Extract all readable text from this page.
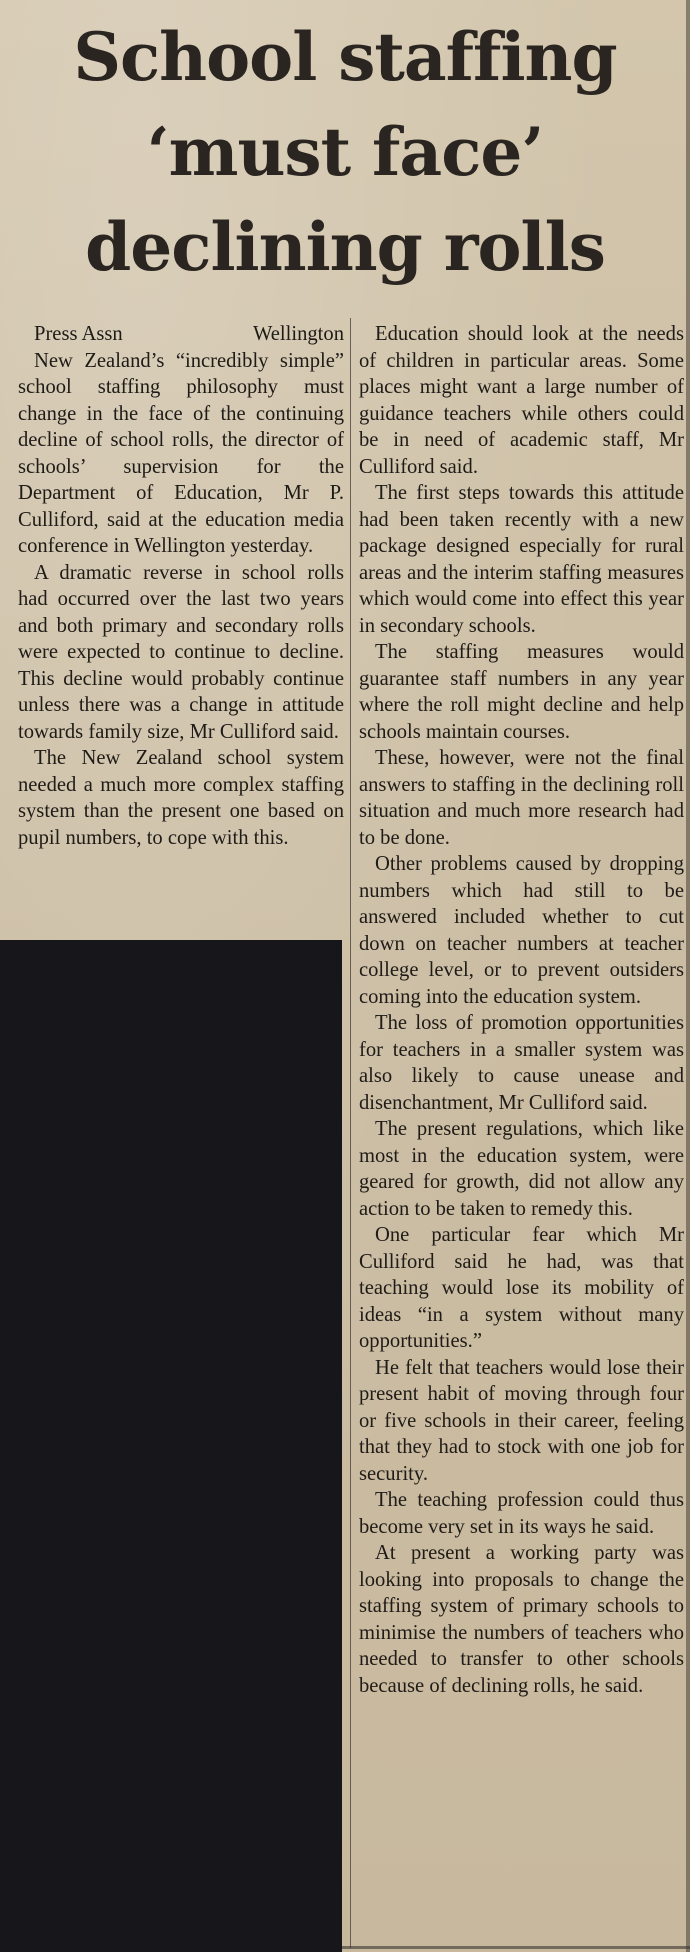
School staffing
‘must face’
declining rolls

Press Assn	Wellington

New Zealand’s “incredibly simple” school staffing philosophy must change in the face of the continuing decline of school rolls, the director of schools’ supervision for the Department of Education, Mr P. Culliford, said at the education media conference in Wellington yesterday.

A dramatic reverse in school rolls had occurred over the last two years and both primary and secondary rolls were expected to continue to decline. This decline would probably continue unless there was a change in attitude towards family size, Mr Culliford said.

The New Zealand school system needed a much more complex staffing system than the present one based on pupil numbers, to cope with this.

Education should look at the needs of children in particular areas. Some places might want a large number of guidance teachers while others could be in need of academic staff, Mr Culliford said.

The first steps towards this attitude had been taken recently with a new package designed especially for rural areas and the interim staffing measures which would come into effect this year in secondary schools.

The staffing measures would guarantee staff numbers in any year where the roll might decline and help schools maintain courses.

These, however, were not the final answers to staffing in the declining roll situation and much more research had to be done.

Other problems caused by dropping numbers which had still to be answered included whether to cut down on teacher numbers at teacher college level, or to prevent outsiders coming into the education system.

The loss of promotion opportunities for teachers in a smaller system was also likely to cause unease and disenchantment, Mr Culliford said.

The present regulations, which like most in the education system, were geared for growth, did not allow any action to be taken to remedy this.

One particular fear which Mr Culliford said he had, was that teaching would lose its mobility of ideas “in a system without many opportunities.”

He felt that teachers would lose their present habit of moving through four or five schools in their career, feeling that they had to stock with one job for security.

The teaching profession could thus become very set in its ways he said.

At present a working party was looking into proposals to change the staffing system of primary schools to minimise the numbers of teachers who needed to transfer to other schools because of declining rolls, he said.
